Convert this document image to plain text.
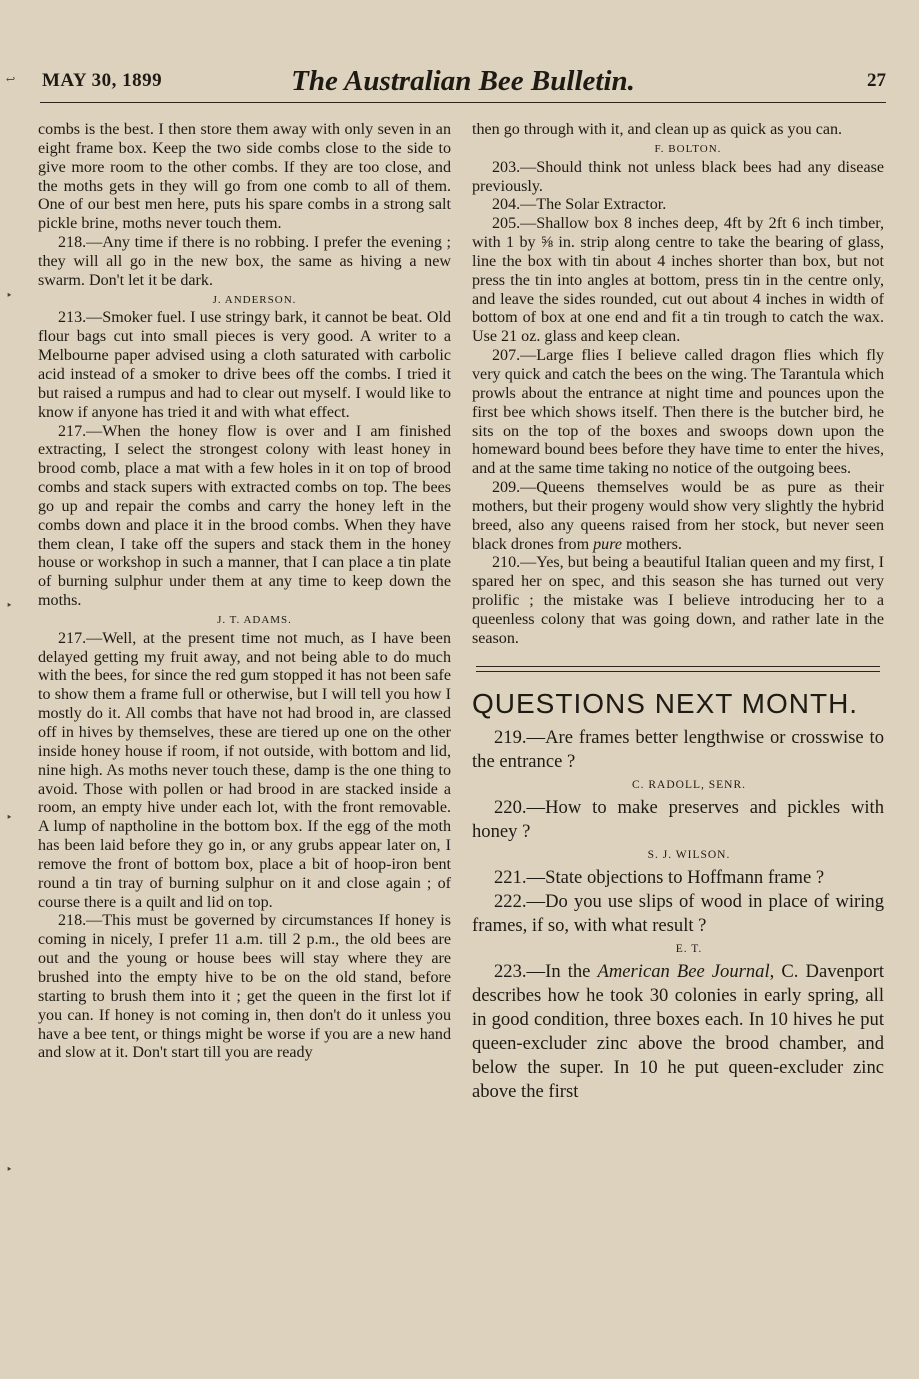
MAY 30, 1899	The Australian Bee Bulletin.	27
↩
‣
‣
‣
‣

combs is the best. I then store them away with only seven in an eight frame box. Keep the two side combs close to the side to give more room to the other combs. If they are too close, and the moths gets in they will go from one comb to all of them. One of our best men here, puts his spare combs in a strong salt pickle brine, moths never touch them.

218.—Any time if there is no robbing. I prefer the evening ; they will all go in the new box, the same as hiving a new swarm. Don't let it be dark.

J. ANDERSON.

213.—Smoker fuel. I use stringy bark, it cannot be beat. Old flour bags cut into small pieces is very good. A writer to a Melbourne paper advised using a cloth saturated with carbolic acid instead of a smoker to drive bees off the combs. I tried it but raised a rumpus and had to clear out myself. I would like to know if anyone has tried it and with what effect.

217.—When the honey flow is over and I am finished extracting, I select the strongest colony with least honey in brood comb, place a mat with a few holes in it on top of brood combs and stack supers with extracted combs on top. The bees go up and repair the combs and carry the honey left in the combs down and place it in the brood combs. When they have them clean, I take off the supers and stack them in the honey house or workshop in such a manner, that I can place a tin plate of burning sulphur under them at any time to keep down the moths.

J. T. ADAMS.

217.—Well, at the present time not much, as I have been delayed getting my fruit away, and not being able to do much with the bees, for since the red gum stopped it has not been safe to show them a frame full or otherwise, but I will tell you how I mostly do it. All combs that have not had brood in, are classed off in hives by themselves, these are tiered up one on the other inside honey house if room, if not outside, with bottom and lid, nine high. As moths never touch these, damp is the one thing to avoid. Those with pollen or had brood in are stacked inside a room, an empty hive under each lot, with the front removable. A lump of naptholine in the bottom box. If the egg of the moth has been laid before they go in, or any grubs appear later on, I remove the front of bottom box, place a bit of hoop-iron bent round a tin tray of burning sulphur on it and close again ; of course there is a quilt and lid on top.

218.—This must be governed by circumstances If honey is coming in nicely, I prefer 11 a.m. till 2 p.m., the old bees are out and the young or house bees will stay where they are brushed into the empty hive to be on the old stand, before starting to brush them into it ; get the queen in the first lot if you can. If honey is not coming in, then don't do it unless you have a bee tent, or things might be worse if you are a new hand and slow at it. Don't start till you are ready

then go through with it, and clean up as quick as you can.

F. BOLTON.

203.—Should think not unless black bees had any disease previously.

204.—The Solar Extractor.

205.—Shallow box 8 inches deep, 4ft by 2ft 6 inch timber, with 1 by ⅝ in. strip along centre to take the bearing of glass, line the box with tin about 4 inches shorter than box, but not press the tin into angles at bottom, press tin in the centre only, and leave the sides rounded, cut out about 4 inches in width of bottom of box at one end and fit a tin trough to catch the wax. Use 21 oz. glass and keep clean.

207.—Large flies I believe called dragon flies which fly very quick and catch the bees on the wing. The Tarantula which prowls about the entrance at night time and pounces upon the first bee which shows itself. Then there is the butcher bird, he sits on the top of the boxes and swoops down upon the homeward bound bees before they have time to enter the hives, and at the same time taking no notice of the outgoing bees.

209.—Queens themselves would be as pure as their mothers, but their progeny would show very slightly the hybrid breed, also any queens raised from her stock, but never seen black drones from pure mothers.

210.—Yes, but being a beautiful Italian queen and my first, I spared her on spec, and this season she has turned out very prolific ; the mistake was I believe introducing her to a queenless colony that was going down, and rather late in the season.

QUESTIONS NEXT MONTH.

219.—Are frames better lengthwise or crosswise to the entrance ?

C. RADOLL, SENR.

220.—How to make preserves and pickles with honey ?

S. J. WILSON.

221.—State objections to Hoffmann frame ?

222.—Do you use slips of wood in place of wiring frames, if so, with what result ?

E. T.

223.—In the American Bee Journal, C. Davenport describes how he took 30 colonies in early spring, all in good condition, three boxes each. In 10 hives he put queen-excluder zinc above the brood chamber, and below the super. In 10 he put queen-excluder zinc above the first
